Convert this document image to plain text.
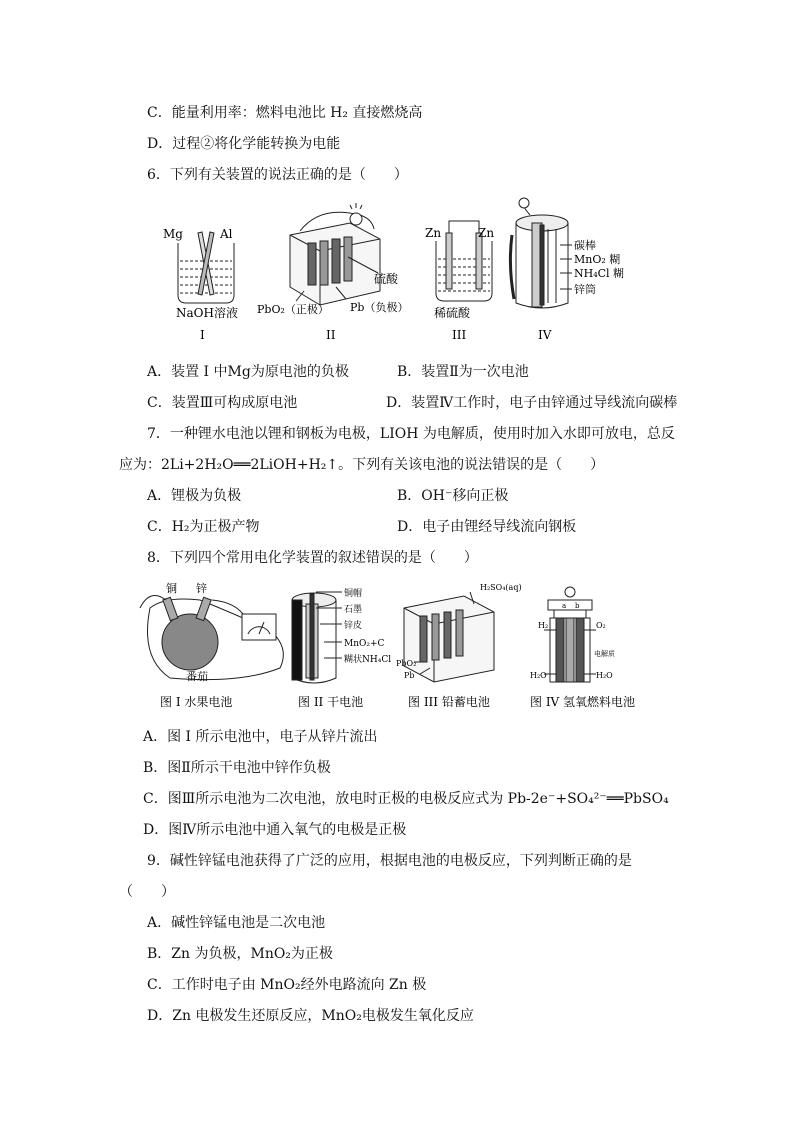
C．能量利用率：燃料电池比 H₂ 直接燃烧高
D．过程②将化学能转换为电能
6．下列有关装置的说法正确的是（　　）
Mg	Al
NaOH溶液
I
硫酸
PbO₂（正极） Pb（负极）
II
Zn	Zn
稀硫酸
III
碳棒
MnO₂ 糊
NH₄Cl 糊
锌筒
IV
A．装置 I 中Mg为原电池的负极	B．装置Ⅱ为一次电池
C．装置Ⅲ可构成原电池	D．装置Ⅳ工作时，电子由锌通过导线流向碳棒
7．一种锂水电池以锂和钢板为电极，LIOH 为电解质，使用时加入水即可放电，总反
应为：2Li+2H₂O══2LiOH+H₂↑。下列有关该电池的说法错误的是（　　）
A．锂极为负极	B．OH⁻移向正极
C．H₂为正极产物	D．电子由锂经导线流向钢板
8．下列四个常用电化学装置的叙述错误的是（　　）
铜 锌
番茄
图 I 水果电池
铜帽
石墨
锌皮
MnO₂+C
糊状NH₄Cl
图 II 干电池
H₂SO₄(aq)
PbO₂
Pb
图 III 铅蓄电池
a b
H₂	O₂
电解质
H₂O	H₂O
图 IV 氢氧燃料电池
A．图 I 所示电池中，电子从锌片流出
B．图Ⅱ所示干电池中锌作负极
C．图Ⅲ所示电池为二次电池，放电时正极的电极反应式为 Pb-2e⁻+SO₄²⁻══PbSO₄
D．图Ⅳ所示电池中通入氧气的电极是正极
9．碱性锌锰电池获得了广泛的应用，根据电池的电极反应，下列判断正确的是
（　　）
A．碱性锌锰电池是二次电池
B．Zn 为负极，MnO₂为正极
C．工作时电子由 MnO₂经外电路流向 Zn 极
D．Zn 电极发生还原反应，MnO₂电极发生氧化反应
